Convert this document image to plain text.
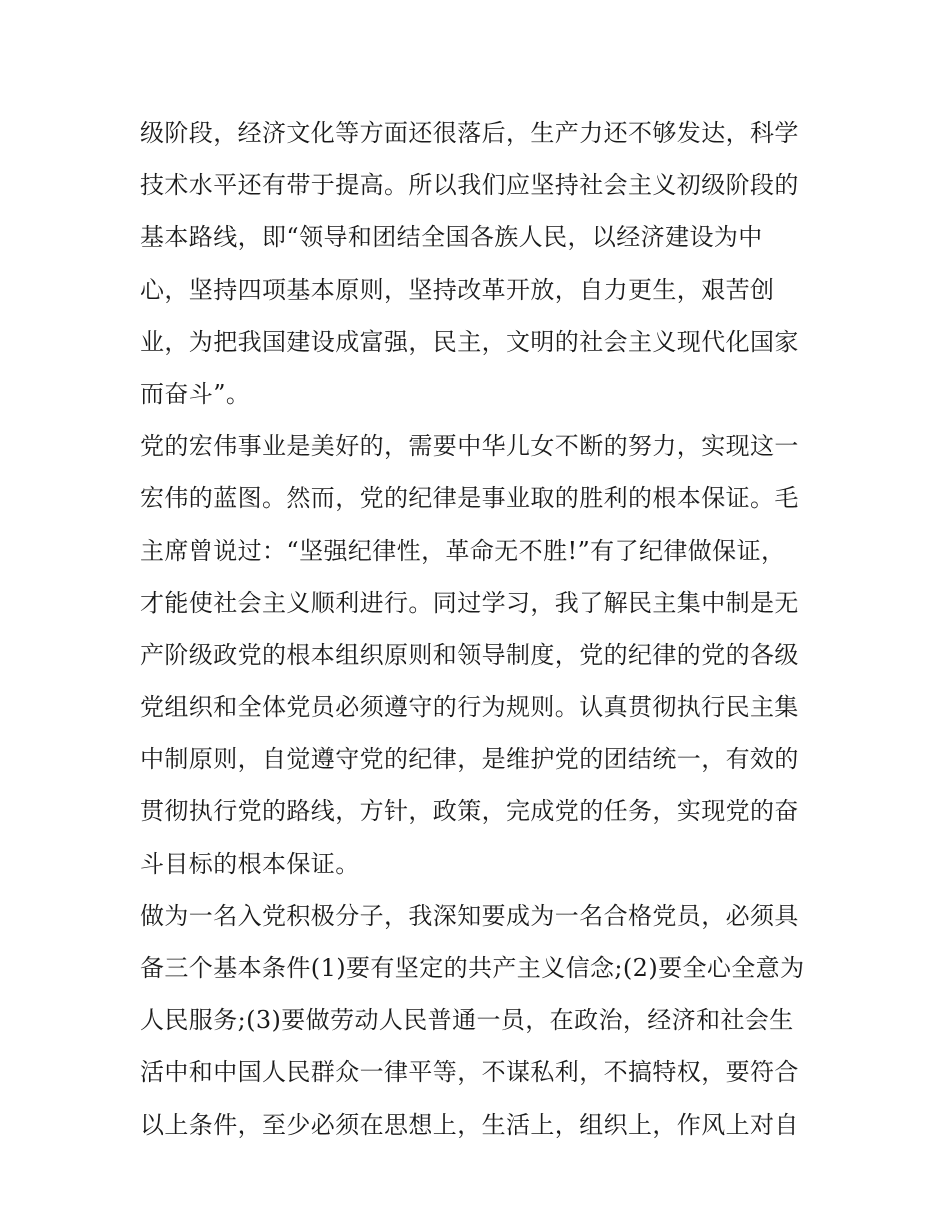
级阶段，经济文化等方面还很落后，生产力还不够发达，科学
技术水平还有带于提高。所以我们应坚持社会主义初级阶段的
基本路线，即“领导和团结全国各族人民，以经济建设为中
心，坚持四项基本原则，坚持改革开放，自力更生，艰苦创
业，为把我国建设成富强，民主，文明的社会主义现代化国家
而奋斗”。
党的宏伟事业是美好的，需要中华儿女不断的努力，实现这一
宏伟的蓝图。然而，党的纪律是事业取的胜利的根本保证。毛
主席曾说过：“坚强纪律性，革命无不胜!”有了纪律做保证，
才能使社会主义顺利进行。同过学习，我了解民主集中制是无
产阶级政党的根本组织原则和领导制度，党的纪律的党的各级
党组织和全体党员必须遵守的行为规则。认真贯彻执行民主集
中制原则，自觉遵守党的纪律，是维护党的团结统一，有效的
贯彻执行党的路线，方针，政策，完成党的任务，实现党的奋
斗目标的根本保证。
做为一名入党积极分子，我深知要成为一名合格党员，必须具
备三个基本条件(1)要有坚定的共产主义信念;(2)要全心全意为
人民服务;(3)要做劳动人民普通一员，在政治，经济和社会生
活中和中国人民群众一律平等，不谋私利，不搞特权，要符合
以上条件，至少必须在思想上，生活上，组织上，作风上对自
